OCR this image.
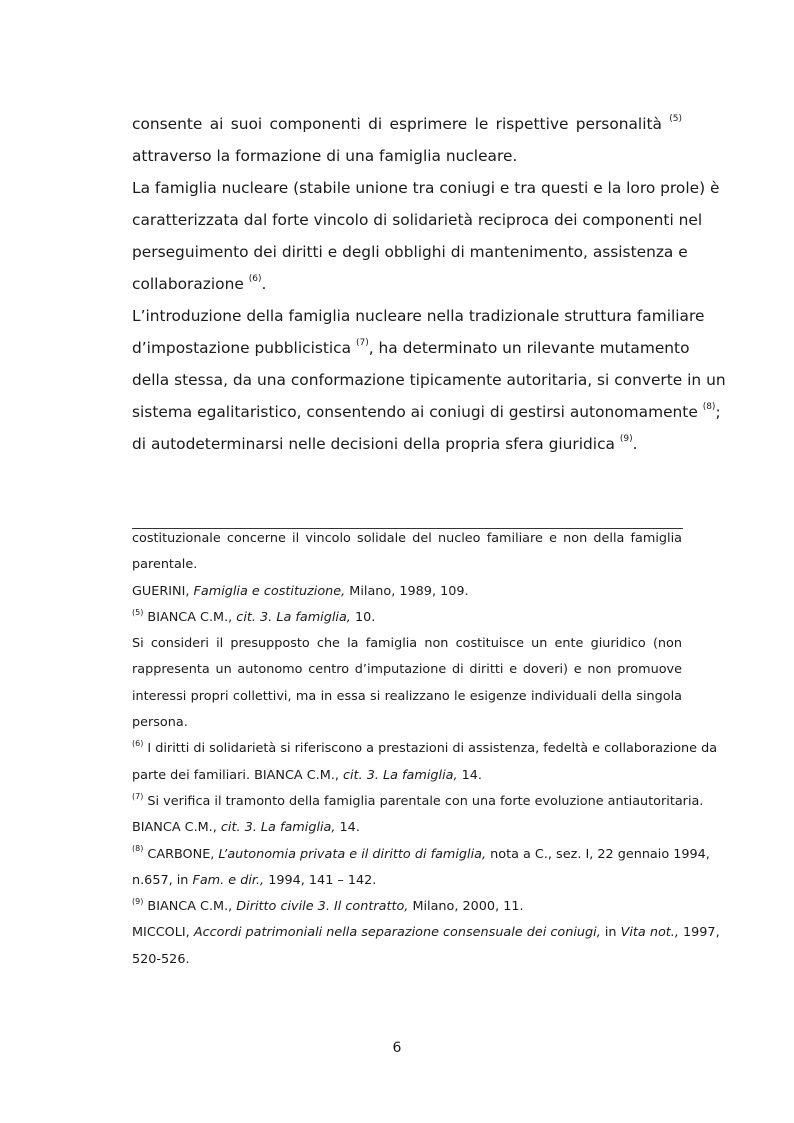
consente ai suoi componenti di esprimere le rispettive personalità $^{(5)}$
attraverso la formazione di una famiglia nucleare.
La famiglia nucleare (stabile unione tra coniugi e tra questi e la loro prole) è
caratterizzata dal forte vincolo di solidarietà reciproca dei componenti nel
perseguimento dei diritti e degli obblighi di mantenimento, assistenza e
collaborazione $^{(6)}$.
L’introduzione della famiglia nucleare nella tradizionale struttura familiare
d’impostazione pubblicistica $^{(7)}$, ha determinato un rilevante mutamento
della stessa, da una conformazione tipicamente autoritaria, si converte in un
sistema egalitaristico, consentendo ai coniugi di gestirsi autonomamente $^{(8)}$;
di autodeterminarsi nelle decisioni della propria sfera giuridica $^{(9)}$.
costituzionale concerne il vincolo solidale del nucleo familiare e non della famiglia
parentale.
GUERINI, Famiglia e costituzione, Milano, 1989, 109.
$^{(5)}$ BIANCA C.M., cit. 3. La famiglia, 10.
Si consideri il presupposto che la famiglia non costituisce un ente giuridico (non
rappresenta un autonomo centro d’imputazione di diritti e doveri) e non promuove
interessi propri collettivi, ma in essa si realizzano le esigenze individuali della singola
persona.
$^{(6)}$ I diritti di solidarietà si riferiscono a prestazioni di assistenza, fedeltà e collaborazione da
parte dei familiari. BIANCA C.M., cit. 3. La famiglia, 14.
$^{(7)}$ Si verifica il tramonto della famiglia parentale con una forte evoluzione antiautoritaria.
BIANCA C.M., cit. 3. La famiglia, 14.
$^{(8)}$ CARBONE, L’autonomia privata e il diritto di famiglia, nota a C., sez. I, 22 gennaio 1994,
n.657, in Fam. e dir., 1994, 141 – 142.
$^{(9)}$ BIANCA C.M., Diritto civile 3. Il contratto, Milano, 2000, 11.
MICCOLI, Accordi patrimoniali nella separazione consensuale dei coniugi, in Vita not., 1997,
520-526.
6
